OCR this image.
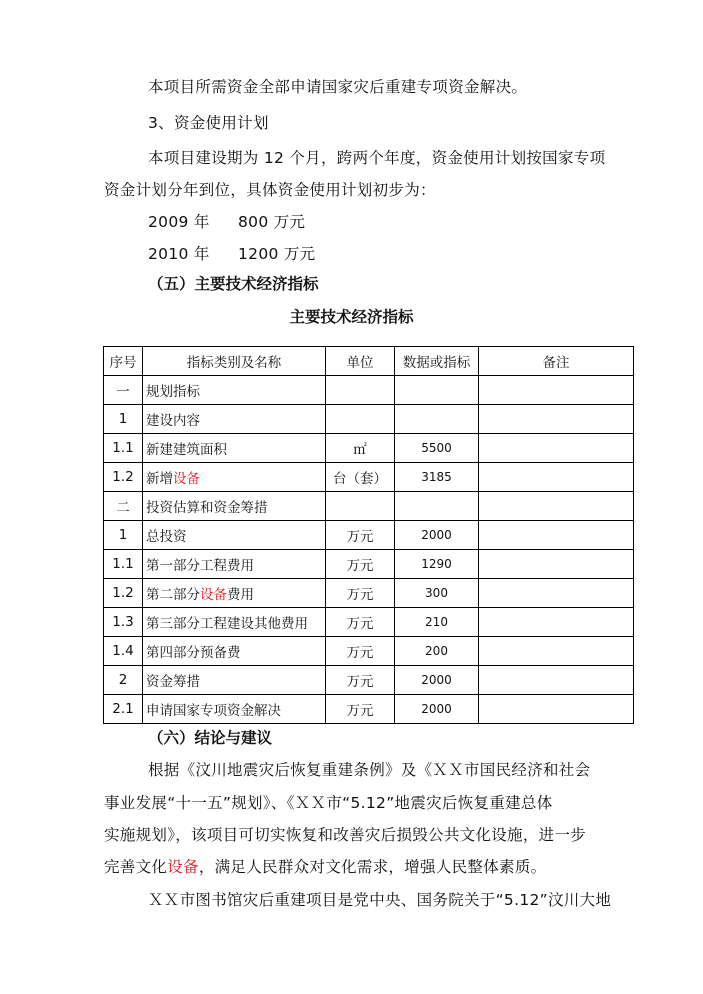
本项目所需资金全部申请国家灾后重建专项资金解决。
3、资金使用计划
本项目建设期为 12 个月，跨两个年度，资金使用计划按国家专项
资金计划分年到位，具体资金使用计划初步为：
2009 年 800 万元
2010 年 1200 万元
（五）主要技术经济指标
主要技术经济指标
序号	指标类别及名称	单位	数据或指标	备注
一	规划指标			
1	建设内容			
1.1	新建建筑面积	㎡	5500	
1.2	新增设备	台（套）	3185	
二	投资估算和资金筹措			
1	总投资	万元	2000	
1.1	第一部分工程费用	万元	1290	
1.2	第二部分设备费用	万元	300	
1.3	第三部分工程建设其他费用	万元	210	
1.4	第四部分预备费	万元	200	
2	资金筹措	万元	2000	
2.1	申请国家专项资金解决	万元	2000	
（六）结论与建议
根据《汶川地震灾后恢复重建条例》及《ＸＸ市国民经济和社会
事业发展“十一五”规划》、《ＸＸ市“5.12”地震灾后恢复重建总体
实施规划》，该项目可切实恢复和改善灾后损毁公共文化设施，进一步
完善文化设备，满足人民群众对文化需求，增强人民整体素质。
ＸＸ市图书馆灾后重建项目是党中央、国务院关于“5.12”汶川大地
